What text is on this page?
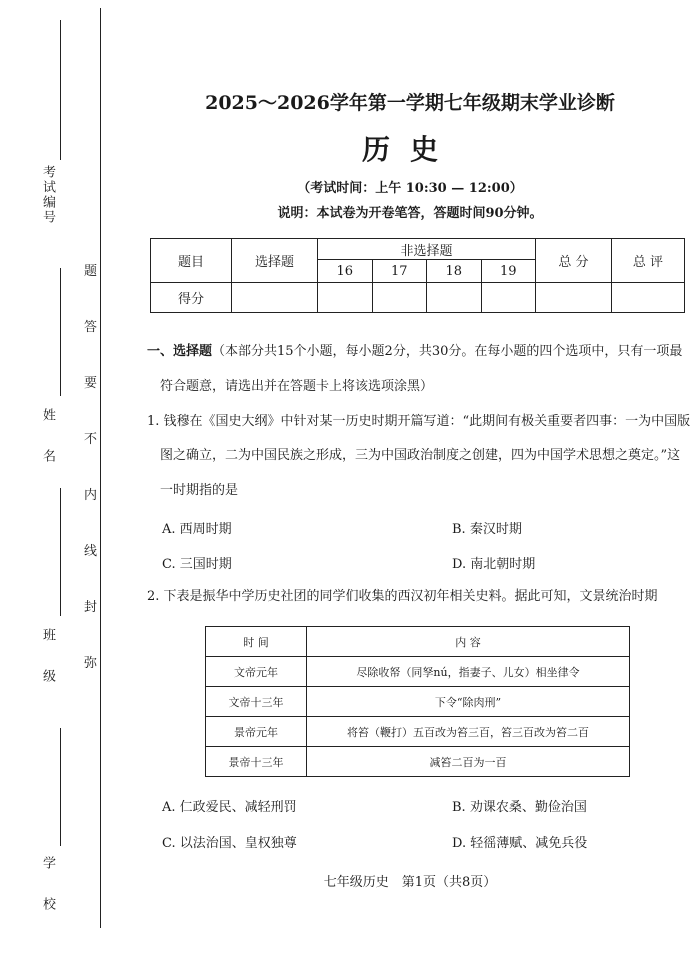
考试编号
姓名
班级
学校
题
答
要
不
内
线
封
弥
2025～2026学年第一学期七年级期末学业诊断
历史
（考试时间：上午 10:30 — 12:00）
说明：本试卷为开卷笔答，答题时间90分钟。
题目	选择题	非选择题				总 分	总 评
		16	17	18	19		
得分							
一、选择题（本部分共15个小题，每小题2分，共30分。在每小题的四个选项中，只有一项最
符合题意，请选出并在答题卡上将该选项涂黑）
1. 钱穆在《国史大纲》中针对某一历史时期开篇写道：“此期间有极关重要者四事：一为中国版
图之确立，二为中国民族之形成，三为中国政治制度之创建，四为中国学术思想之奠定。”这
一时期指的是
A. 西周时期	B. 秦汉时期
C. 三国时期	D. 南北朝时期
2. 下表是振华中学历史社团的同学们收集的西汉初年相关史料。据此可知，文景统治时期
时 间	内 容
文帝元年	尽除收帑（同孥nú，指妻子、儿女）相坐律令
文帝十三年	下令“除肉刑”
景帝元年	将笞（鞭打）五百改为笞三百，笞三百改为笞二百
景帝十三年	减笞二百为一百
A. 仁政爱民、减轻刑罚	B. 劝课农桑、勤俭治国
C. 以法治国、皇权独尊	D. 轻徭薄赋、减免兵役
七年级历史　第1页（共8页）
